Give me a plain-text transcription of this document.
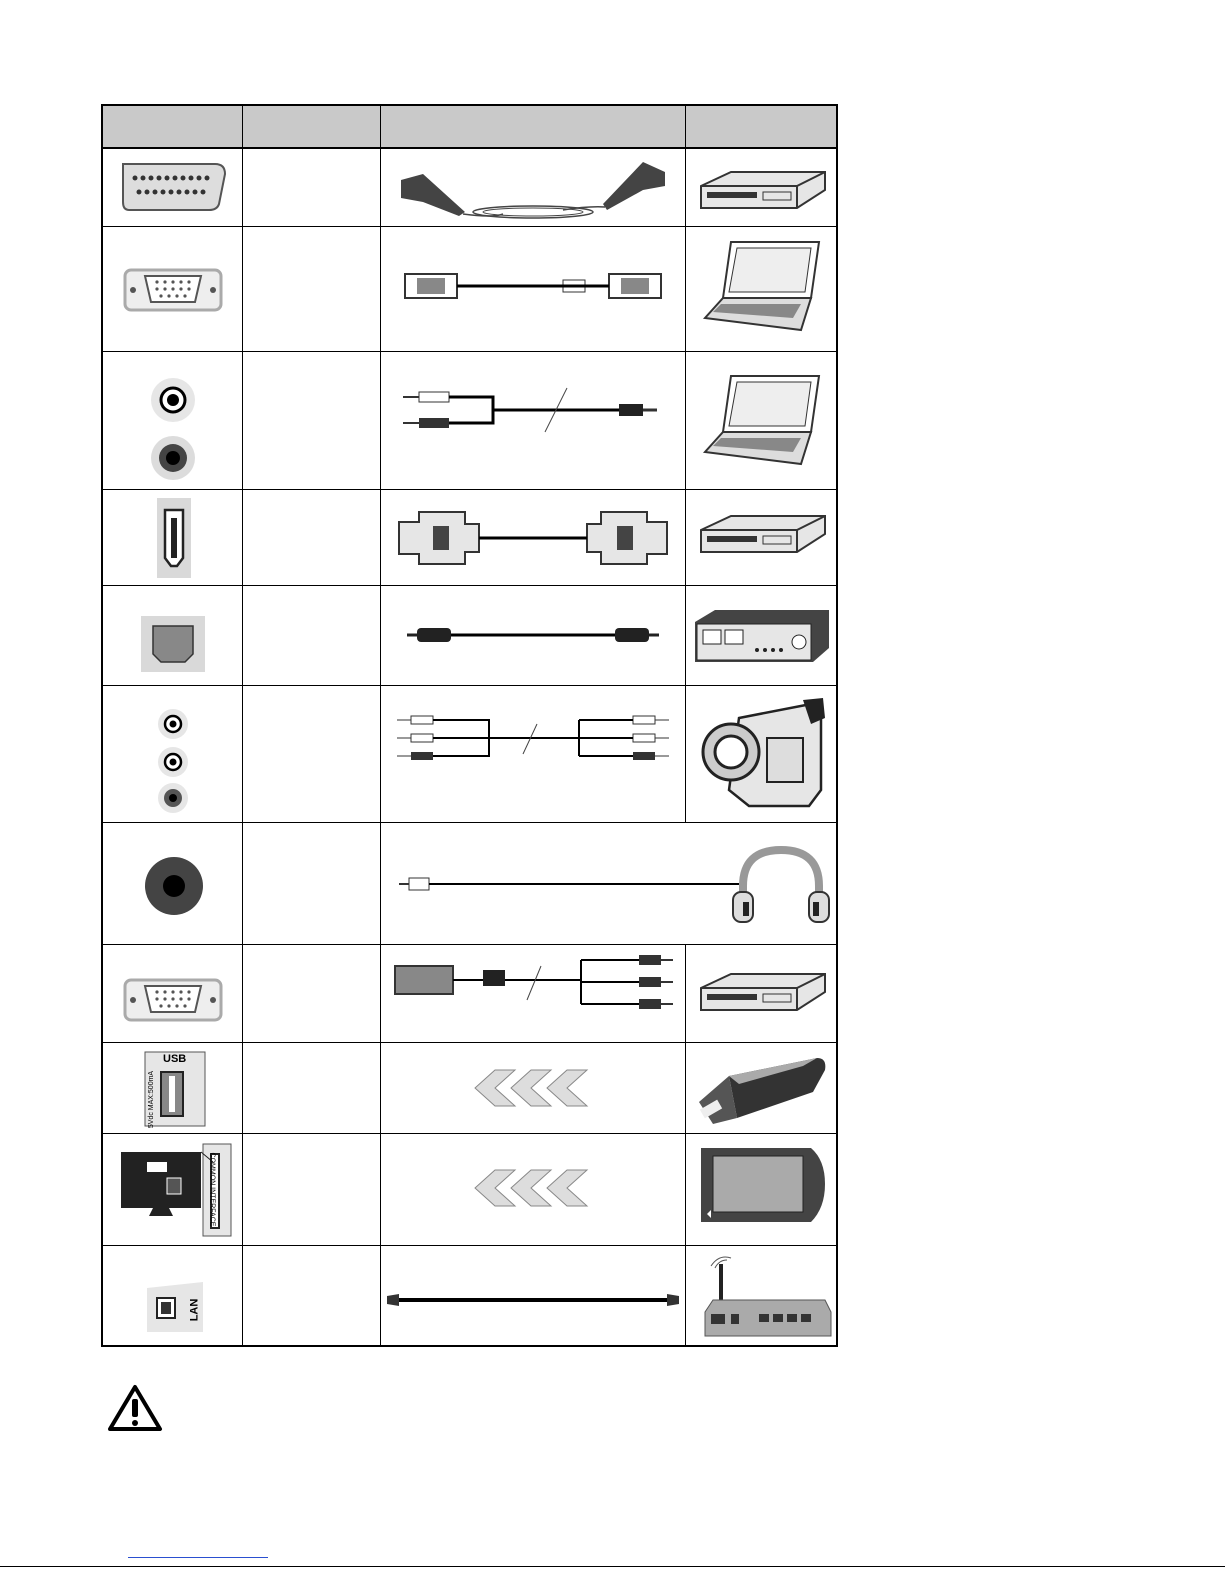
USB
5Vdc MAX:500mA
COMMON INTERFACE
LAN
